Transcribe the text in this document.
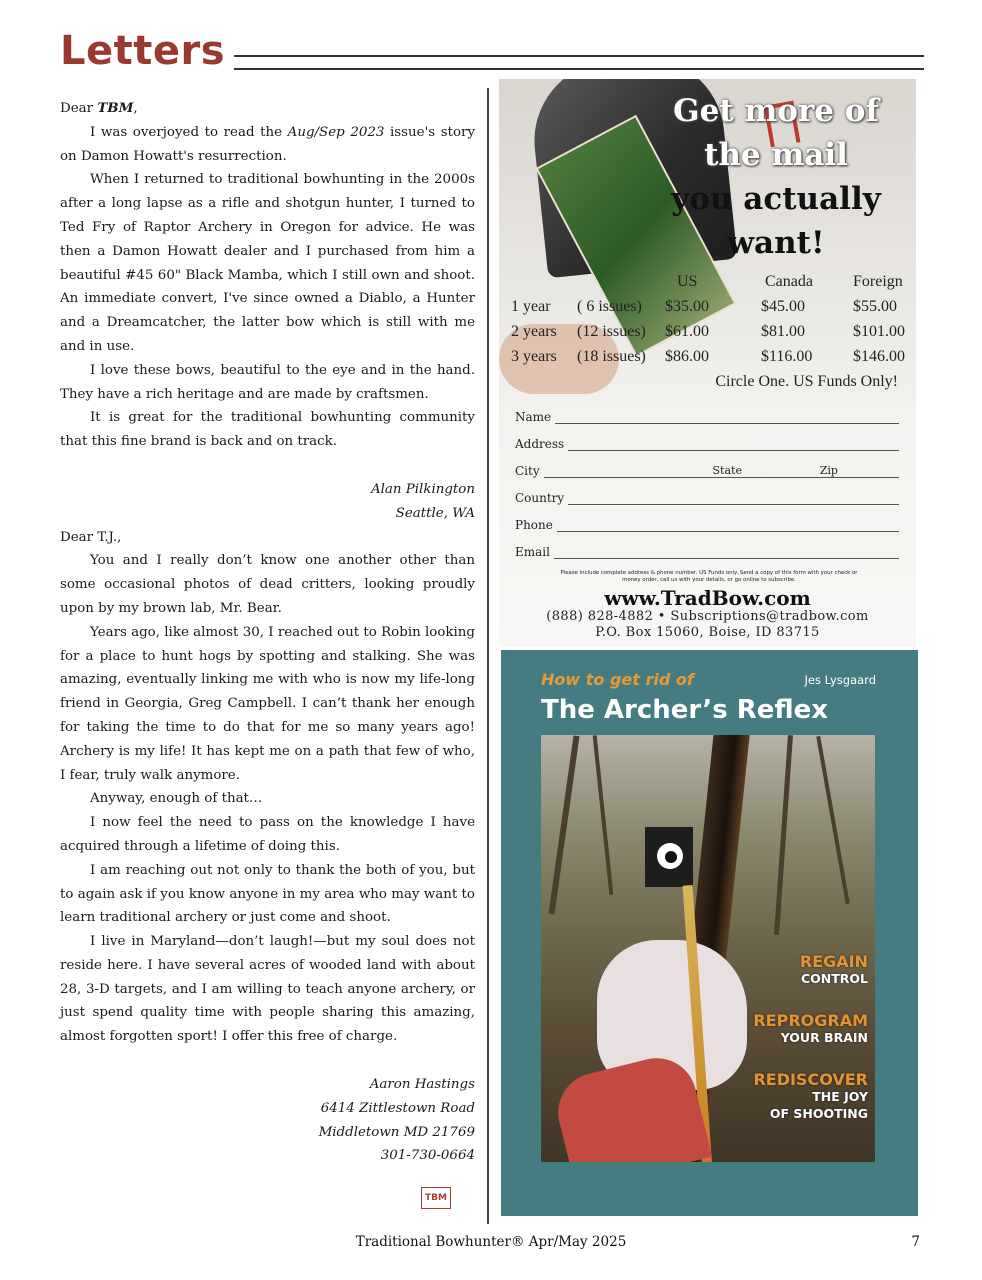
Letters

Dear TBM,

I was overjoyed to read the Aug/Sep 2023 issue's story on Damon Howatt's resurrection.

When I returned to traditional bowhunting in the 2000s after a long lapse as a rifle and shotgun hunter, I turned to Ted Fry of Raptor Archery in Oregon for advice. He was then a Damon Howatt dealer and I purchased from him a beautiful #45 60" Black Mamba, which I still own and shoot. An immediate convert, I've since owned a Diablo, a Hunter and a Dreamcatcher, the latter bow which is still with me and in use.

I love these bows, beautiful to the eye and in the hand. They have a rich heritage and are made by craftsmen.

It is great for the traditional bowhunting community that this fine brand is back and on track.

Alan Pilkington

Seattle, WA

Dear T.J.,

You and I really don’t know one another other than some occasional photos of dead critters, looking proudly upon by my brown lab, Mr. Bear.

Years ago, like almost 30, I reached out to Robin looking for a place to hunt hogs by spotting and stalking. She was amazing, eventually linking me with who is now my life-long friend in Georgia, Greg Campbell. I can’t thank her enough for taking the time to do that for me so many years ago! Archery is my life! It has kept me on a path that few of who, I fear, truly walk anymore.

Anyway, enough of that…

I now feel the need to pass on the knowledge I have acquired through a lifetime of doing this.

I am reaching out not only to thank the both of you, but to again ask if you know anyone in my area who may want to learn traditional archery or just come and shoot.

I live in Maryland—don’t laugh!—but my soul does not reside here. I have several acres of wooded land with about 28, 3-D targets, and I am willing to teach anyone archery, or just spend quality time with people sharing this amazing, almost forgotten sport! I offer this free of charge.

Aaron Hastings

6414 Zittlestown Road

Middletown MD 21769

301-730-0664

TBM
Get more of
the mail
you actually
want!
		US	Canada	Foreign
1 year	( 6 issues)	$35.00	$45.00	$55.00
2 years	(12 issues)	$61.00	$81.00	$101.00
3 years	(18 issues)	$86.00	$116.00	$146.00
Circle One. US Funds Only!
Name
Address
City	State	Zip
Country
Phone
Email
Please include complete address & phone number. US Funds only. Send a copy of this form with your check or money order, call us with your details, or go online to subscribe.
www.TradBow.com
(888) 828-4882 • Subscriptions@tradbow.com
P.O. Box 15060, Boise, ID 83715
How to get rid of	Jes Lysgaard
The Archer’s Reflex
REGAIN
CONTROL
REPROGRAM
YOUR BRAIN
REDISCOVER
THE JOY
OF SHOOTING
Traditional Bowhunter® Apr/May 2025	7
